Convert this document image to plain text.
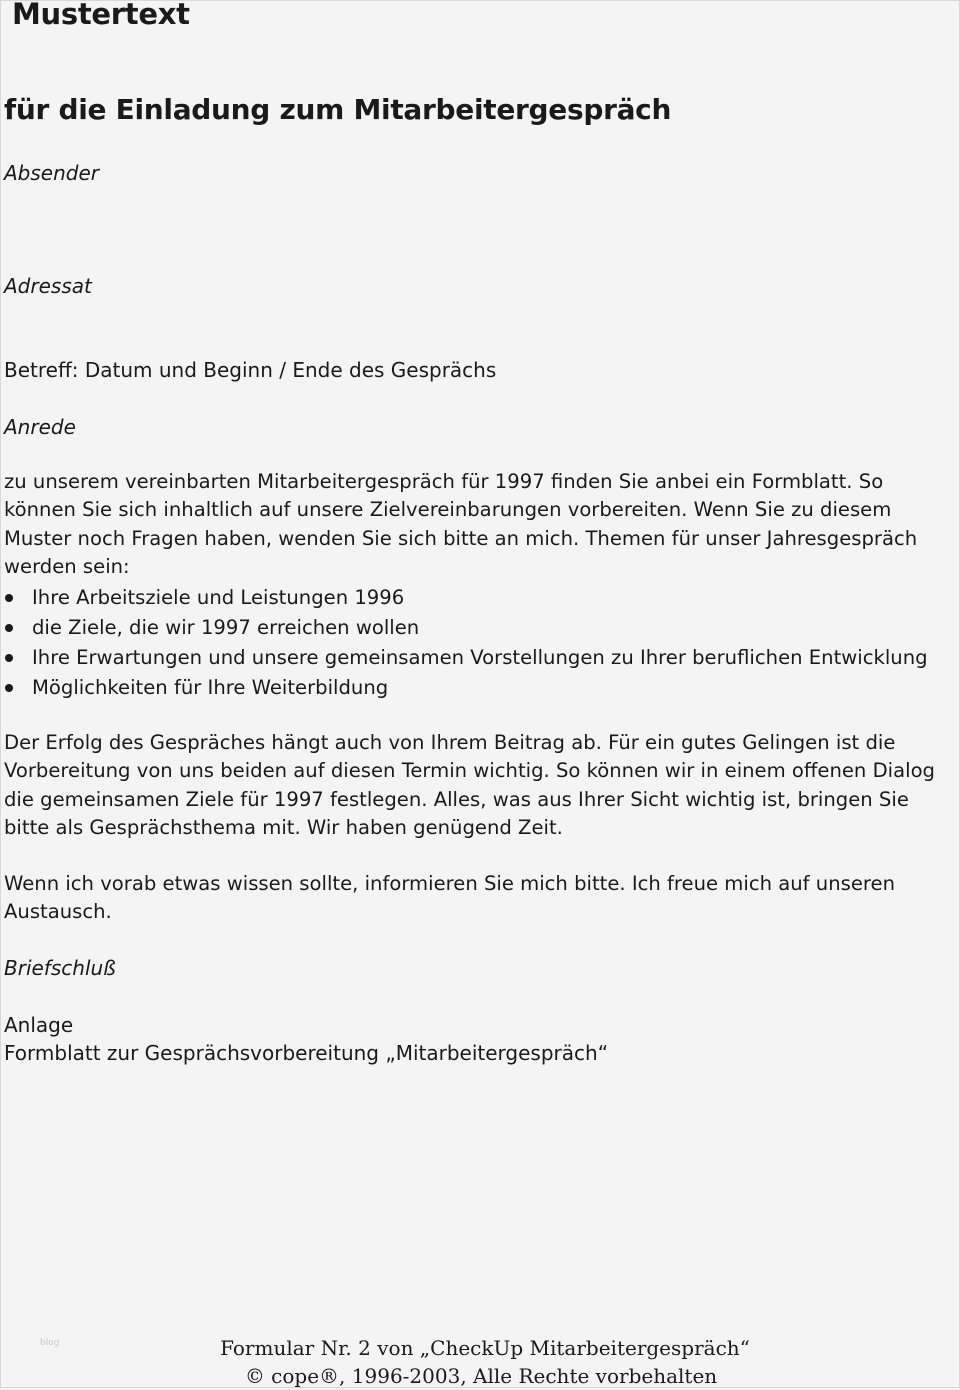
Mustertext
für die Einladung zum Mitarbeitergespräch

Absender

Adressat

Betreff: Datum und Beginn / Ende des Gesprächs

Anrede

zu unserem vereinbarten Mitarbeitergespräch für 1997 finden Sie anbei ein Formblatt. So können Sie sich inhaltlich auf unsere Zielvereinbarungen vorbereiten. Wenn Sie zu diesem Muster noch Fragen haben, wenden Sie sich bitte an mich. Themen für unser Jahresgespräch werden sein:

Ihre Arbeitsziele und Leistungen 1996
die Ziele, die wir 1997 erreichen wollen
Ihre Erwartungen und unsere gemeinsamen Vorstellungen zu Ihrer beruflichen Entwicklung
Möglichkeiten für Ihre Weiterbildung

Der Erfolg des Gespräches hängt auch von Ihrem Beitrag ab. Für ein gutes Gelingen ist die Vorbereitung von uns beiden auf diesen Termin wichtig. So können wir in einem offenen Dialog die gemeinsamen Ziele für 1997 festlegen. Alles, was aus Ihrer Sicht wichtig ist, bringen Sie bitte als Gesprächsthema mit. Wir haben genügend Zeit.

Wenn ich vorab etwas wissen sollte, informieren Sie mich bitte. Ich freue mich auf unseren Austausch.

Briefschluß

Anlage

Formblatt zur Gesprächsvorbereitung „Mitarbeitergespräch“

blog	Formular Nr. 2 von „CheckUp Mitarbeitergespräch“
© cope®, 1996-2003, Alle Rechte vorbehalten
